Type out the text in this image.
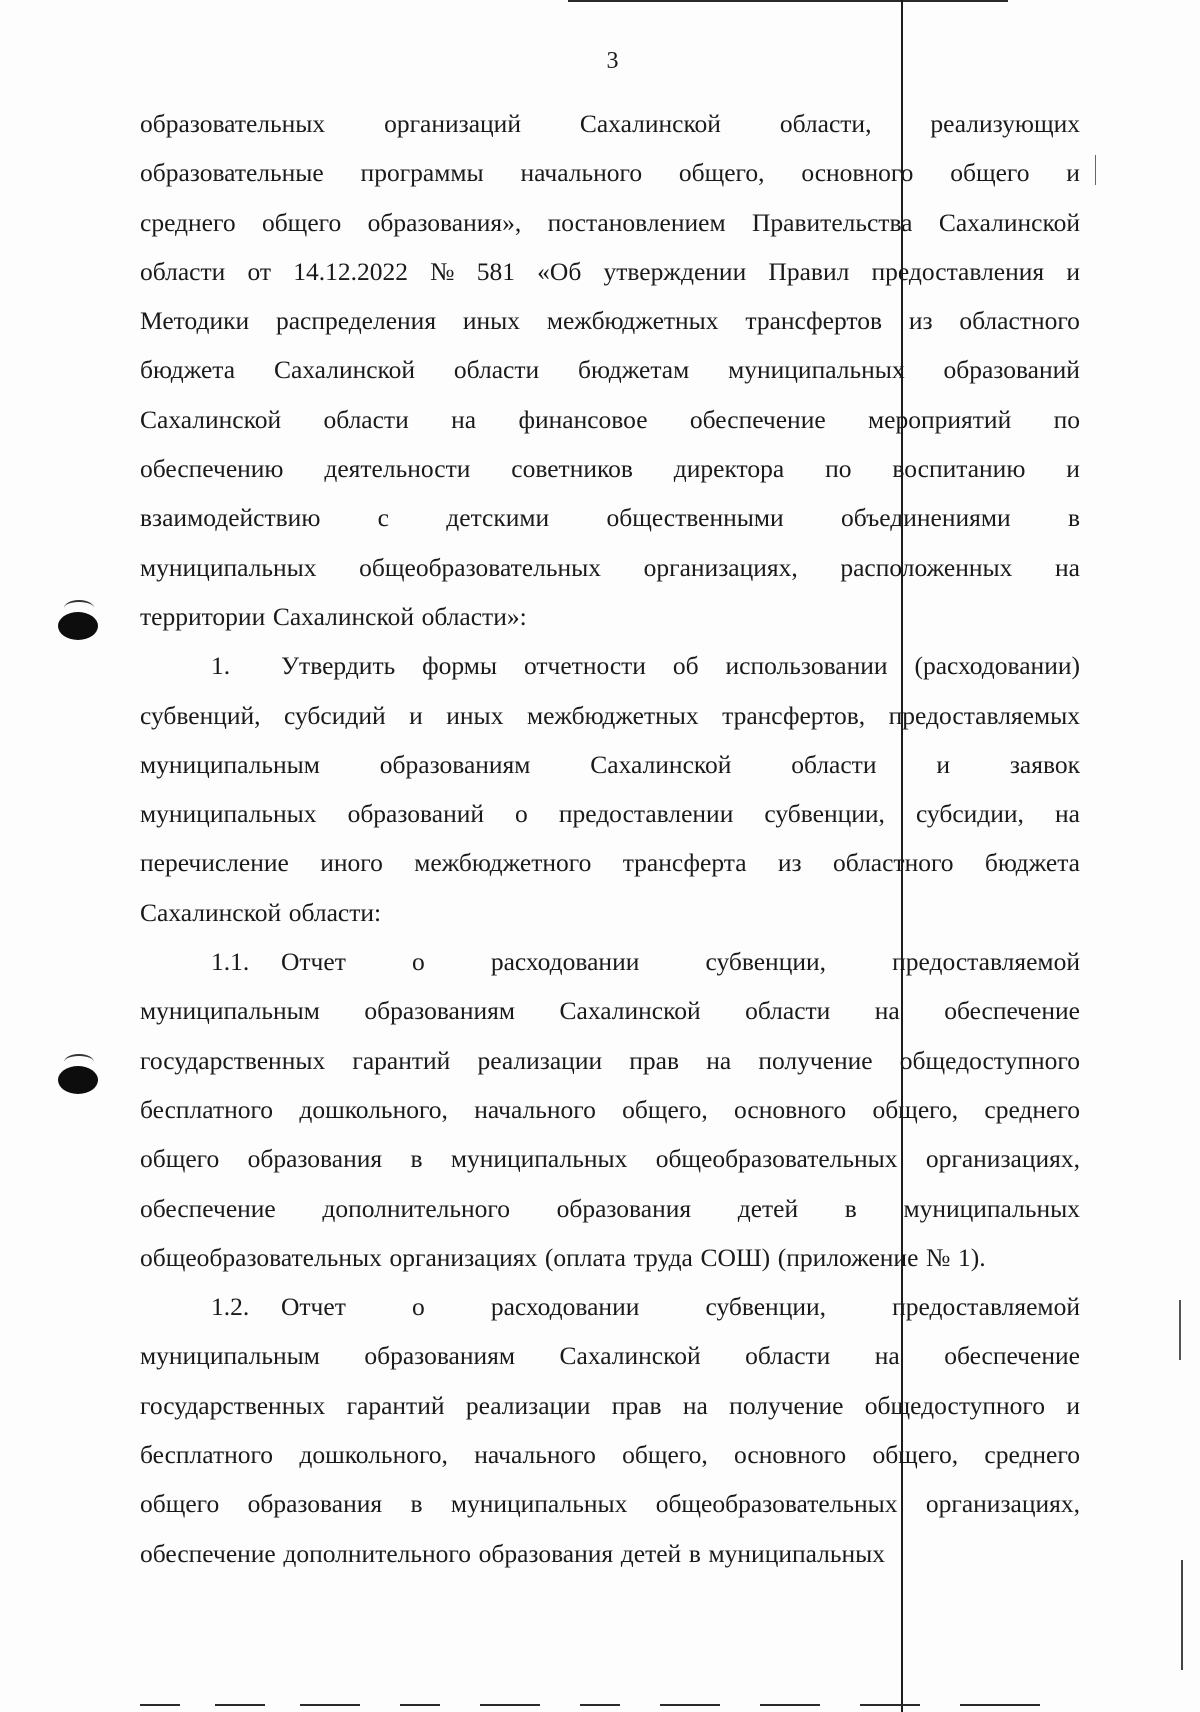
3
образовательных организаций Сахалинской области, реализующих
образовательные программы начального общего, основного общего и
среднего общего образования», постановлением Правительства Сахалинской
области от 14.12.2022 № 581 «Об утверждении Правил предоставления и
Методики распределения иных межбюджетных трансфертов из областного
бюджета Сахалинской области бюджетам муниципальных образований
Сахалинской области на финансовое обеспечение мероприятий по
обеспечению деятельности советников директора по воспитанию и
взаимодействию с детскими общественными объединениями в
муниципальных общеобразовательных организациях, расположенных на
территории Сахалинской области»:
1.	Утвердить формы отчетности об использовании (расходовании)
субвенций, субсидий и иных межбюджетных трансфертов, предоставляемых
муниципальным образованиям Сахалинской области и заявок
муниципальных образований о предоставлении субвенции, субсидии, на
перечисление иного межбюджетного трансферта из областного бюджета
Сахалинской области:
1.1.	Отчет	о	расходовании	субвенции,	предоставляемой
муниципальным образованиям Сахалинской области на обеспечение
государственных гарантий реализации прав на получение общедоступного
бесплатного дошкольного, начального общего, основного общего, среднего
общего образования в муниципальных общеобразовательных организациях,
обеспечение дополнительного образования детей в муниципальных
общеобразовательных организациях (оплата труда СОШ) (приложение № 1).
1.2.	Отчет	о	расходовании	субвенции,	предоставляемой
муниципальным образованиям Сахалинской области на обеспечение
государственных гарантий реализации прав на получение общедоступного и
бесплатного дошкольного, начального общего, основного общего, среднего
общего образования в муниципальных общеобразовательных организациях,
обеспечение дополнительного образования детей в муниципальных
